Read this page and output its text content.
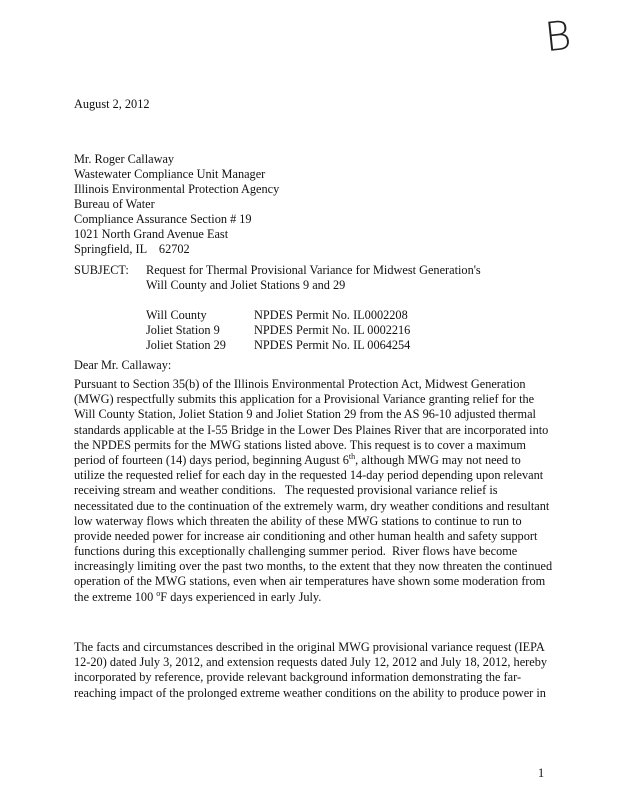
B
August 2, 2012
Mr. Roger Callaway
Wastewater Compliance Unit Manager
Illinois Environmental Protection Agency
Bureau of Water
Compliance Assurance Section # 19
1021 North Grand Avenue East
Springfield, IL    62702
SUBJECT: Request for Thermal Provisional Variance for Midwest Generation's
Will County and Joliet Stations 9 and 29
Will County	NPDES Permit No. IL0002208
Joliet Station 9	NPDES Permit No. IL 0002216
Joliet Station 29 NPDES Permit No. IL 0064254
Dear Mr. Callaway:
Pursuant to Section 35(b) of the Illinois Environmental Protection Act, Midwest Generation
(MWG) respectfully submits this application for a Provisional Variance granting relief for the
Will County Station, Joliet Station 9 and Joliet Station 29 from the AS 96-10 adjusted thermal
standards applicable at the I-55 Bridge in the Lower Des Plaines River that are incorporated into
the NPDES permits for the MWG stations listed above. This request is to cover a maximum
period of fourteen (14) days period, beginning August 6th, although MWG may not need to
utilize the requested relief for each day in the requested 14-day period depending upon relevant
receiving stream and weather conditions.   The requested provisional variance relief is
necessitated due to the continuation of the extremely warm, dry weather conditions and resultant
low waterway flows which threaten the ability of these MWG stations to continue to run to
provide needed power for increase air conditioning and other human health and safety support
functions during this exceptionally challenging summer period.  River flows have become
increasingly limiting over the past two months, to the extent that they now threaten the continued
operation of the MWG stations, even when air temperatures have shown some moderation from
the extreme 100 $^o$F days experienced in early July.
The facts and circumstances described in the original MWG provisional variance request (IEPA
12-20) dated July 3, 2012, and extension requests dated July 12, 2012 and July 18, 2012, hereby
incorporated by reference, provide relevant background information demonstrating the far-
reaching impact of the prolonged extreme weather conditions on the ability to produce power in
1
